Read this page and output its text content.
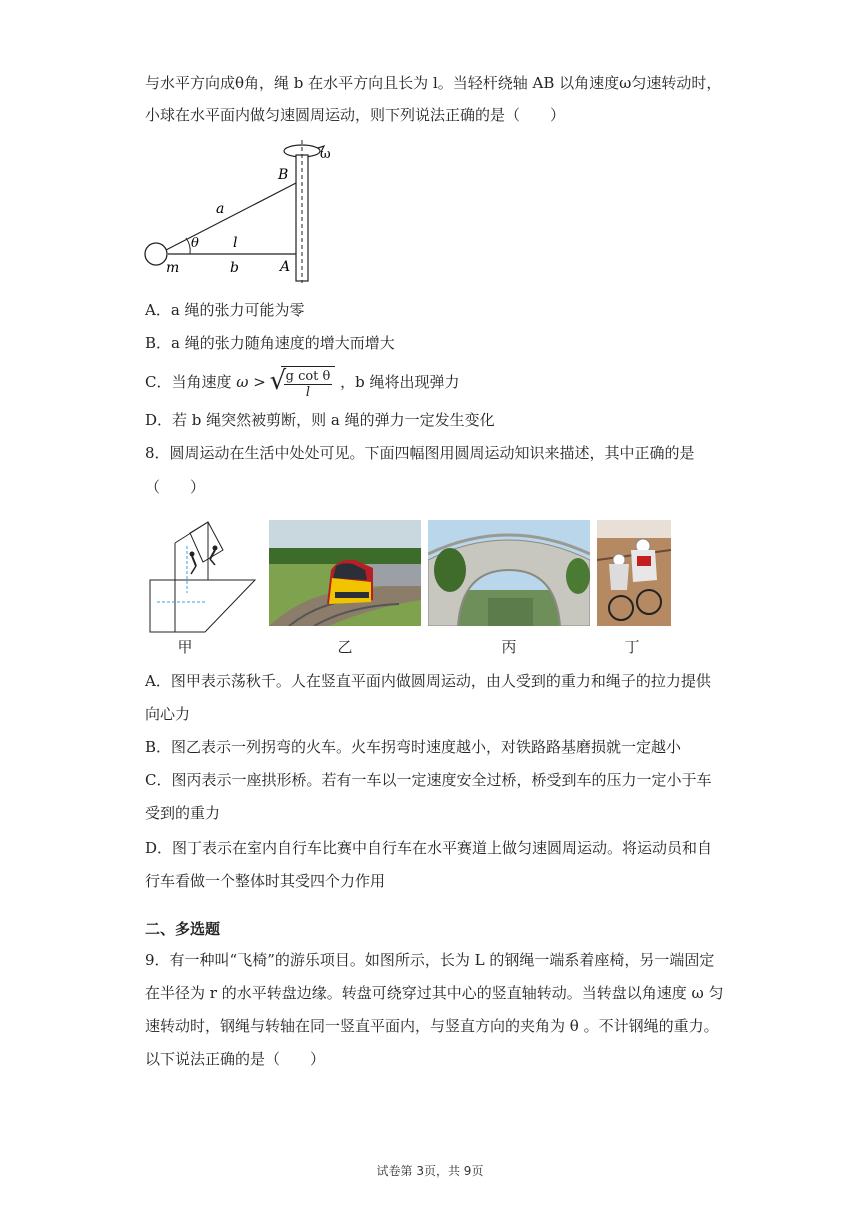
与水平方向成θ角，绳 b 在水平方向且长为 l。当轻杆绕轴 AB 以角速度ω匀速转动时，
小球在水平面内做匀速圆周运动，则下列说法正确的是（　　）
ω
B
A
a
θ l
m	b
A．a 绳的张力可能为零
B．a 绳的张力随角速度的增大而增大
C．当角速度 ω >
√ $\frac{\text{g cot θ}}{l}$ ，b 绳将出现弹力
D．若 b 绳突然被剪断，则 a 绳的弹力一定发生变化
8．圆周运动在生活中处处可见。下面四幅图用圆周运动知识来描述，其中正确的是
（　　）
甲	乙	丙	丁
A．图甲表示荡秋千。人在竖直平面内做圆周运动，由人受到的重力和绳子的拉力提供
向心力
B．图乙表示一列拐弯的火车。火车拐弯时速度越小，对铁路路基磨损就一定越小
C．图丙表示一座拱形桥。若有一车以一定速度安全过桥，桥受到车的压力一定小于车
受到的重力
D．图丁表示在室内自行车比赛中自行车在水平赛道上做匀速圆周运动。将运动员和自
行车看做一个整体时其受四个力作用
二、多选题
9．有一种叫“飞椅”的游乐项目。如图所示，长为 L 的钢绳一端系着座椅，另一端固定
在半径为 r 的水平转盘边缘。转盘可绕穿过其中心的竖直轴转动。当转盘以角速度 ω 匀
速转动时，钢绳与转轴在同一竖直平面内，与竖直方向的夹角为 θ 。不计钢绳的重力。
以下说法正确的是（　　）
试卷第 3页，共 9页
